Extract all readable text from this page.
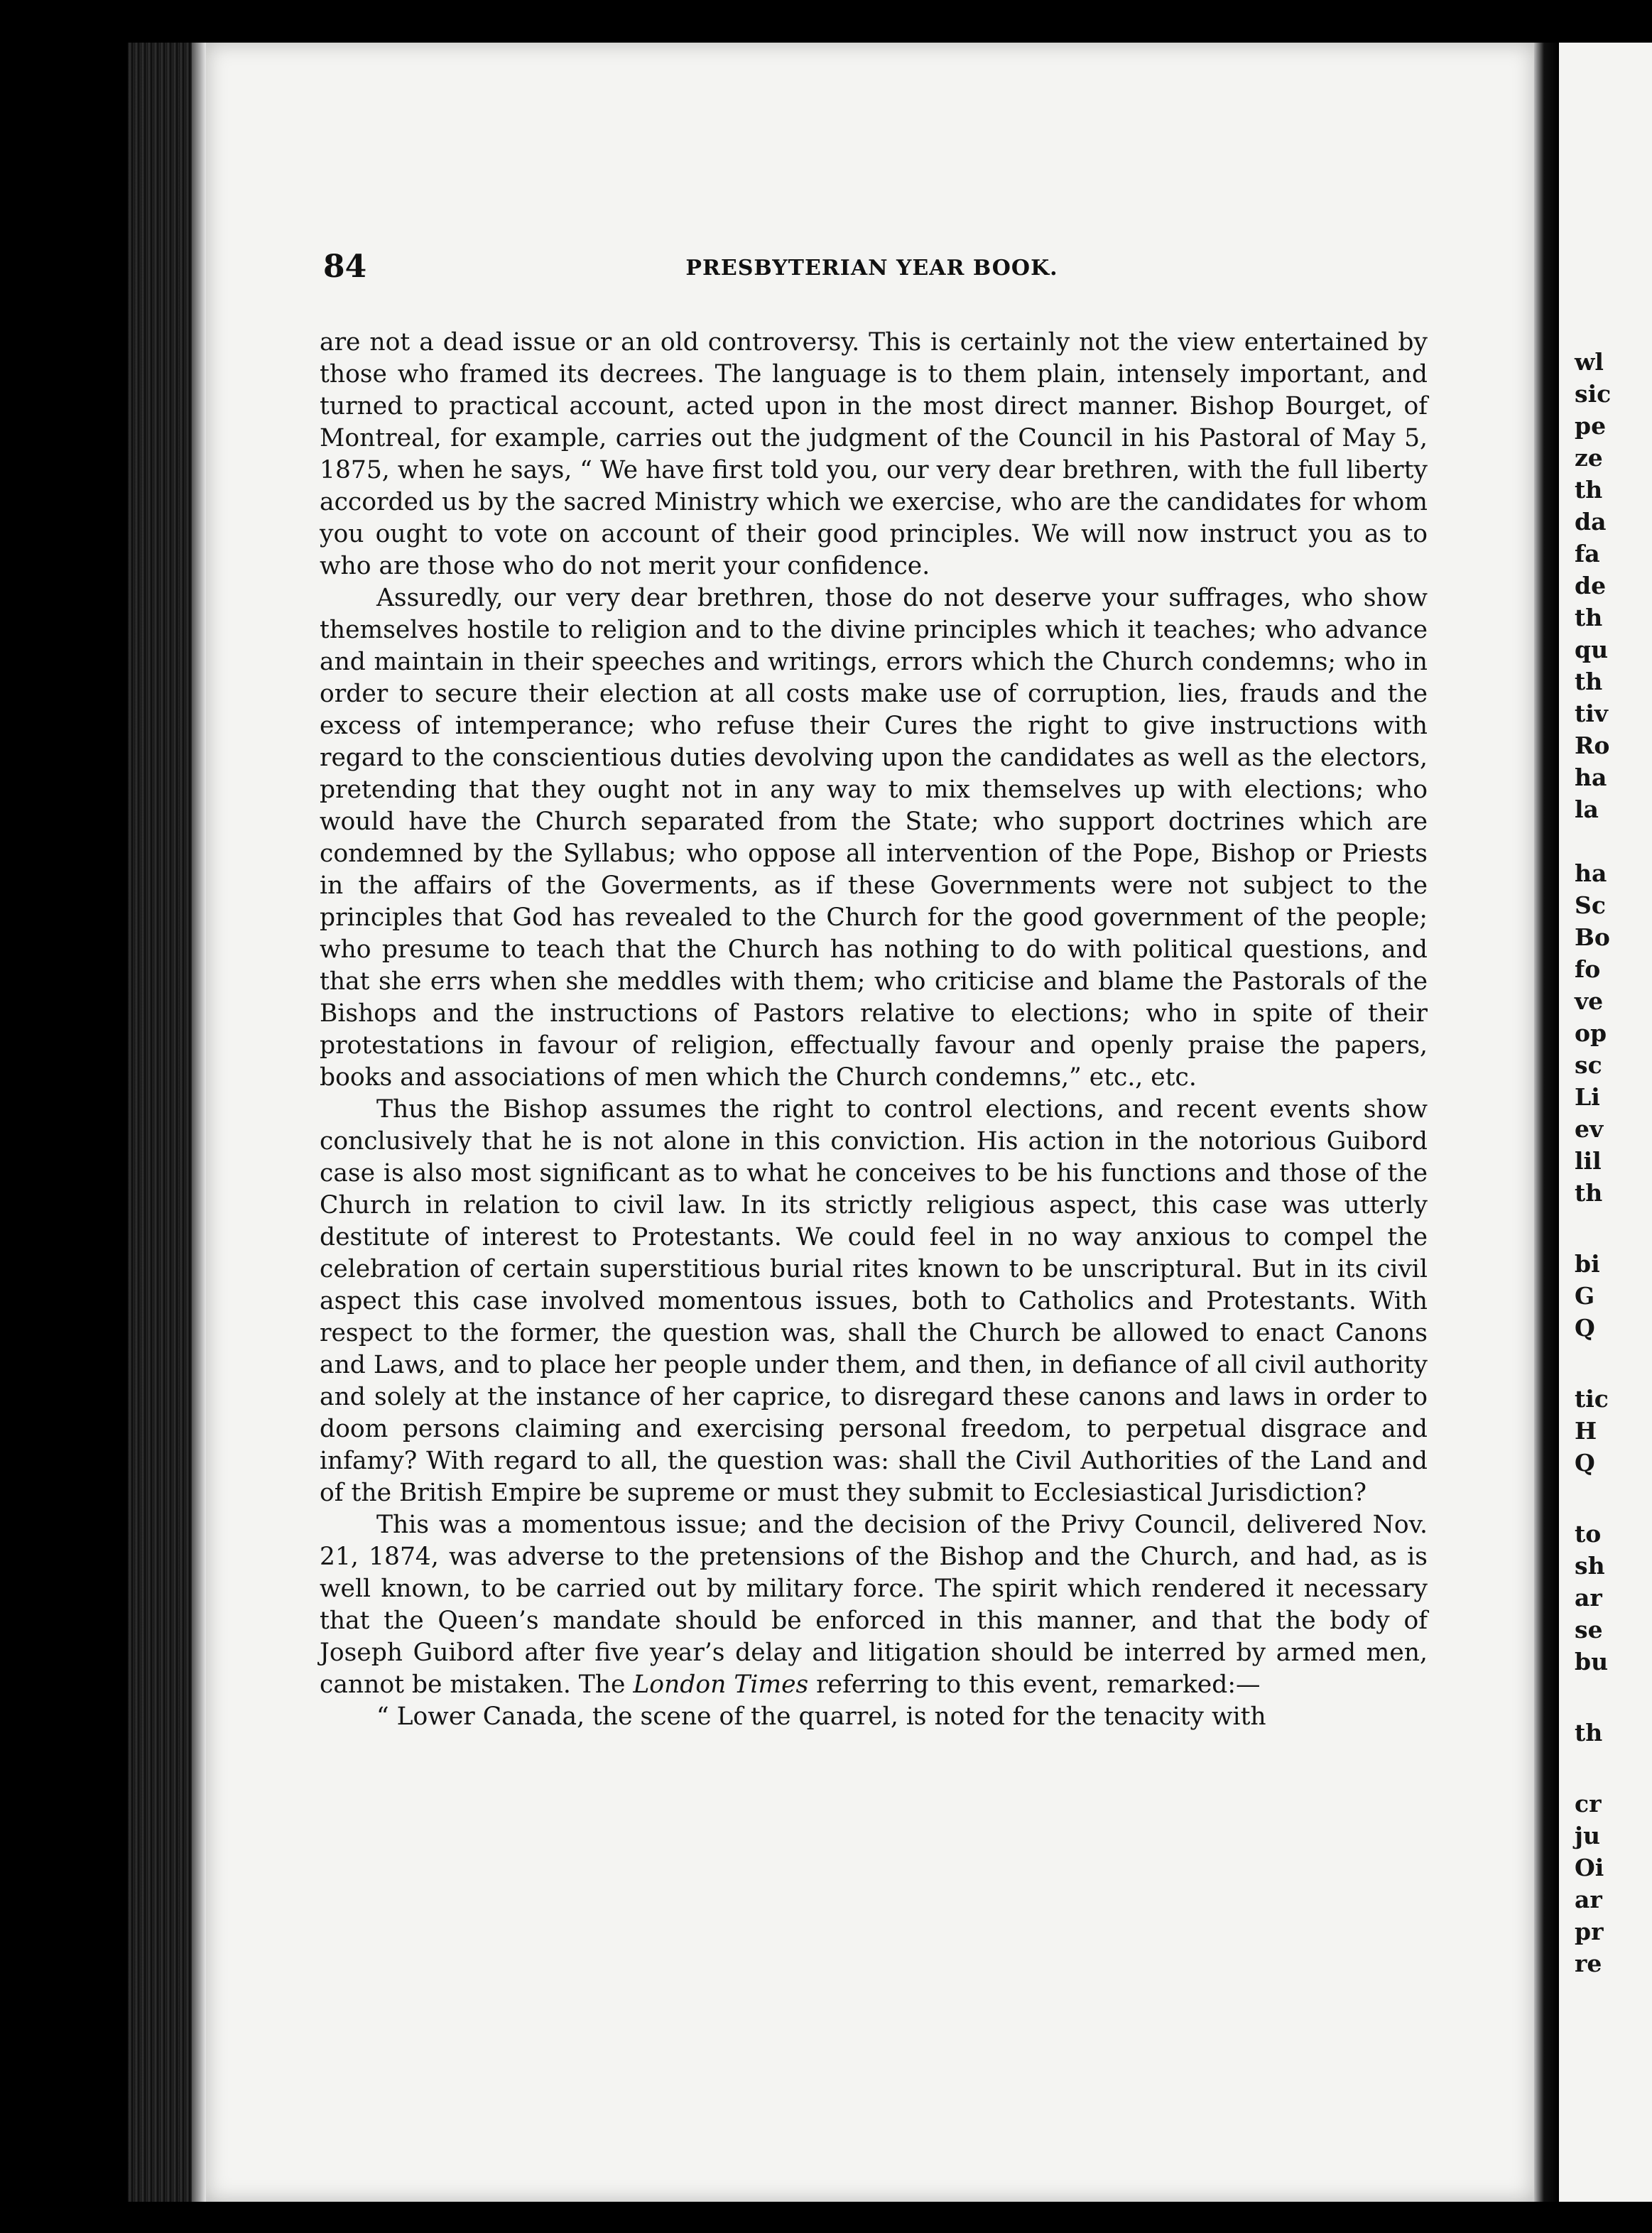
84	PRESBYTERIAN YEAR BOOK.

are not a dead issue or an old controversy. This is certainly not the view entertained by those who framed its decrees. The language is to them plain, intensely important, and turned to practical account, acted upon in the most direct manner. Bishop Bourget, of Montreal, for example, carries out the judgment of the Council in his Pastoral of May 5, 1875, when he says, “ We have first told you, our very dear brethren, with the full liberty accorded us by the sacred Ministry which we exercise, who are the candidates for whom you ought to vote on account of their good principles. We will now instruct you as to who are those who do not merit your confidence.

Assuredly, our very dear brethren, those do not deserve your suffrages, who show themselves hostile to religion and to the divine principles which it teaches; who advance and maintain in their speeches and writings, errors which the Church condemns; who in order to secure their election at all costs make use of corruption, lies, frauds and the excess of intemperance; who refuse their Cures the right to give instructions with regard to the conscientious duties devolving upon the candidates as well as the electors, pretending that they ought not in any way to mix themselves up with elections; who would have the Church separated from the State; who support doctrines which are condemned by the Syllabus; who oppose all intervention of the Pope, Bishop or Priests in the affairs of the Goverments, as if these Governments were not subject to the principles that God has revealed to the Church for the good government of the people; who presume to teach that the Church has nothing to do with political questions, and that she errs when she meddles with them; who criticise and blame the Pastorals of the Bishops and the instructions of Pastors relative to elections; who in spite of their protestations in favour of religion, effectually favour and openly praise the papers, books and associations of men which the Church condemns,” etc., etc.

Thus the Bishop assumes the right to control elections, and recent events show conclusively that he is not alone in this conviction. His action in the notorious Guibord case is also most significant as to what he conceives to be his functions and those of the Church in relation to civil law. In its strictly religious aspect, this case was utterly destitute of interest to Protestants. We could feel in no way anxious to compel the celebration of certain superstitious burial rites known to be unscriptural. But in its civil aspect this case involved momentous issues, both to Catholics and Protestants. With respect to the former, the question was, shall the Church be allowed to enact Canons and Laws, and to place her people under them, and then, in defiance of all civil authority and solely at the instance of her caprice, to disregard these canons and laws in order to doom persons claiming and exercising personal freedom, to perpetual disgrace and infamy? With regard to all, the question was: shall the Civil Authorities of the Land and of the British Empire be supreme or must they submit to Ecclesiastical Jurisdiction?

This was a momentous issue; and the decision of the Privy Council, delivered Nov. 21, 1874, was adverse to the pretensions of the Bishop and the Church, and had, as is well known, to be carried out by military force. The spirit which rendered it necessary that the Queen’s mandate should be enforced in this manner, and that the body of Joseph Guibord after five year’s delay and litigation should be interred by armed men, cannot be mistaken. The London Times referring to this event, remarked:—

“ Lower Canada, the scene of the quarrel, is noted for the tenacity with

wl
sic
pe
ze
th
da
fa
de
th
qu
th
tiv
Ro
ha
la
ha
Sc
Bo
fo
ve
op
sc
Li
ev
lil
th
bi
G
Q
tic
H
Q
to
sh
ar
se
bu
th
cr
ju
Oi
ar
pr
re
